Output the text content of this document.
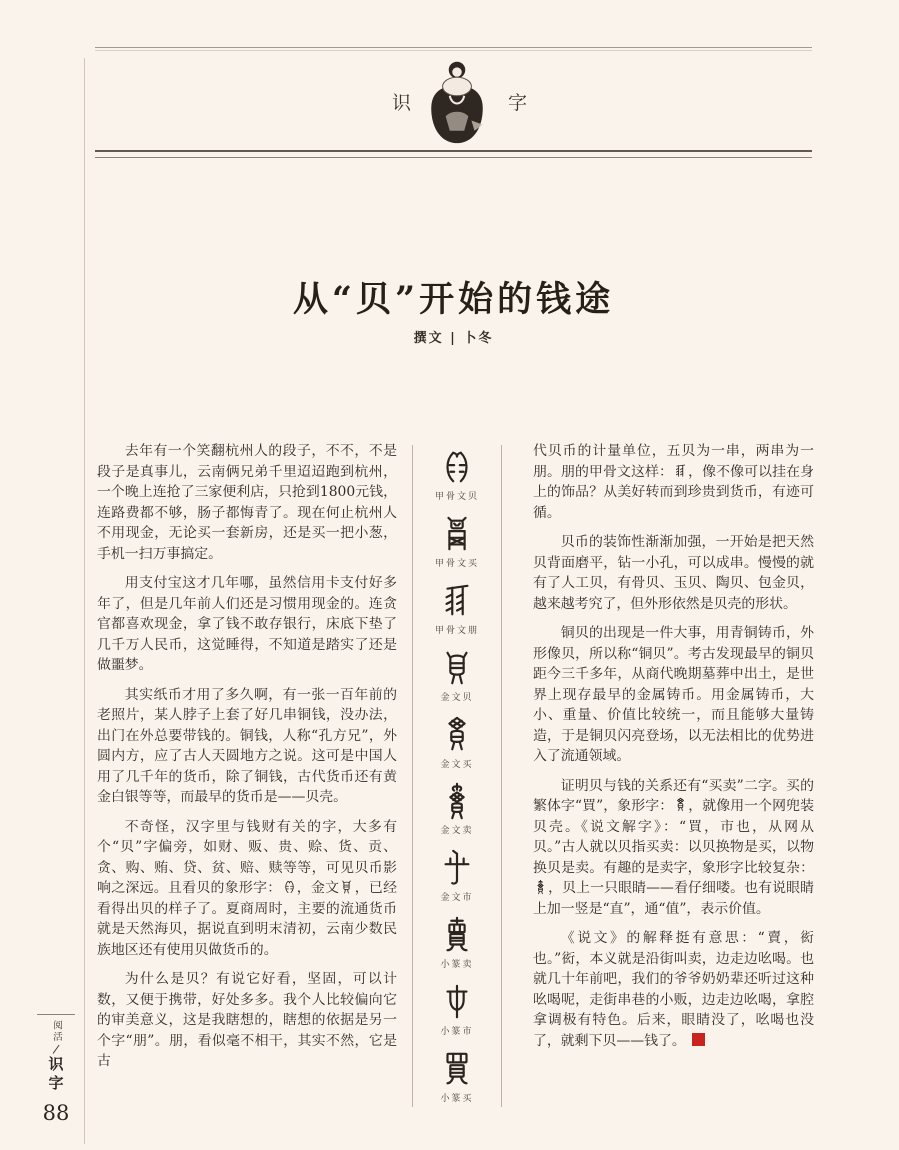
识	字
从“贝”开始的钱途
撰文 | 卜冬

去年有一个笑翻杭州人的段子，不不，不是段子是真事儿，云南俩兄弟千里迢迢跑到杭州，一个晚上连抢了三家便利店，只抢到1800元钱，连路费都不够，肠子都悔青了。现在何止杭州人不用现金，无论买一套新房，还是买一把小葱，手机一扫万事搞定。

用支付宝这才几年哪，虽然信用卡支付好多年了，但是几年前人们还是习惯用现金的。连贪官都喜欢现金，拿了钱不敢存银行，床底下垫了几千万人民币，这觉睡得，不知道是踏实了还是做噩梦。

其实纸币才用了多久啊，有一张一百年前的老照片，某人脖子上套了好几串铜钱，没办法，出门在外总要带钱的。铜钱，人称“孔方兄”，外圆内方，应了古人天圆地方之说。这可是中国人用了几千年的货币，除了铜钱，古代货币还有黄金白银等等，而最早的货币是——贝壳。

不奇怪，汉字里与钱财有关的字，大多有个“贝”字偏旁，如财、贩、贵、赊、货、贡、贪、购、贿、贷、贫、赔、赎等等，可见贝币影响之深远。且看贝的象形字： ，金文 ，已经看得出贝的样子了。夏商周时，主要的流通货币就是天然海贝，据说直到明末清初，云南少数民族地区还有使用贝做货币的。

为什么是贝？有说它好看，坚固，可以计数，又便于携带，好处多多。我个人比较偏向它的审美意义，这是我瞎想的，瞎想的依据是另一个字“朋”。朋，看似毫不相干，其实不然，它是古

甲骨文贝
甲骨文买
甲骨文朋
金文贝
金文买
金文卖
金文市
小篆卖
小篆市
小篆买

代贝币的计量单位，五贝为一串，两串为一朋。朋的甲骨文这样： ，像不像可以挂在身上的饰品？从美好转而到珍贵到货币，有迹可循。

贝币的装饰性渐渐加强，一开始是把天然贝背面磨平，钻一小孔，可以成串。慢慢的就有了人工贝，有骨贝、玉贝、陶贝、包金贝，越来越考究了，但外形依然是贝壳的形状。

铜贝的出现是一件大事，用青铜铸币，外形像贝，所以称“铜贝”。考古发现最早的铜贝距今三千多年，从商代晚期墓葬中出土，是世界上现存最早的金属铸币。用金属铸币，大小、重量、价值比较统一，而且能够大量铸造，于是铜贝闪亮登场，以无法相比的优势进入了流通领域。

证明贝与钱的关系还有“买卖”二字。买的繁体字“買”，象形字： ，就像用一个网兜装贝壳。《说文解字》：“買，市也，从网从贝。”古人就以贝指买卖：以贝换物是买，以物换贝是卖。有趣的是卖字，象形字比较复杂：，贝上一只眼睛——看仔细喽。也有说眼睛上加一竖是“直”，通“值”，表示价值。

《说文》的解释挺有意思：“賣，衒也。”衒，本义就是沿街叫卖，边走边吆喝。也就几十年前吧，我们的爷爷奶奶辈还听过这种吆喝呢，走街串巷的小贩，边走边吆喝，拿腔拿调极有特色。后来，眼睛没了，吆喝也没了，就剩下贝——钱了。

阅活
/
识字
88
